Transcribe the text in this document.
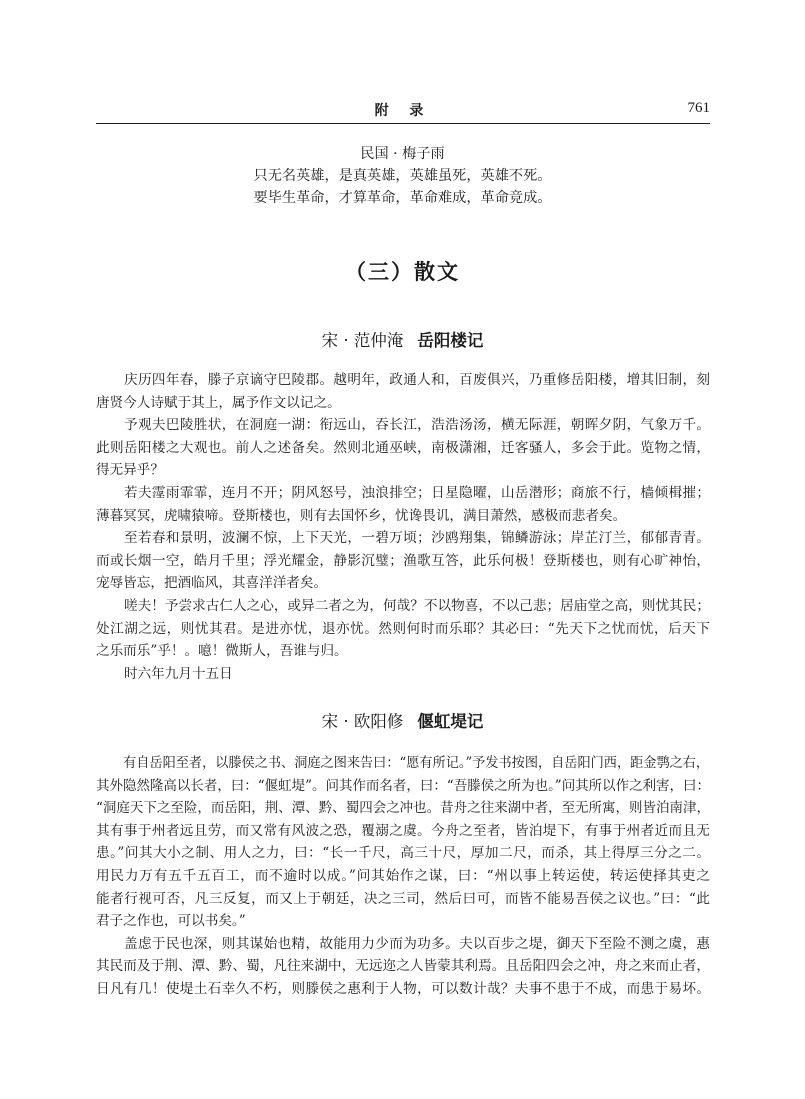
附 录	761
民国 · 梅子雨
只无名英雄，是真英雄，英雄虽死，英雄不死。
要毕生革命，才算革命，革命难成，革命竞成。
（三）散文
宋 · 范仲淹 岳阳楼记
庆历四年春，滕子京谪守巴陵郡。越明年，政通人和，百废俱兴，乃重修岳阳楼，增其旧制，刻
唐贤今人诗赋于其上，属予作文以记之。
予观夫巴陵胜状，在洞庭一湖：衔远山，吞长江，浩浩汤汤，横无际涯，朝晖夕阴，气象万千。
此则岳阳楼之大观也。前人之述备矣。然则北通巫峡，南极潇湘，迁客骚人，多会于此。览物之情，
得无异乎？
若夫霪雨霏霏，连月不开；阴风怒号，浊浪排空；日星隐曜，山岳潜形；商旅不行，樯倾楫摧；
薄暮冥冥，虎啸猿啼。登斯楼也，则有去国怀乡，忧谗畏讥，满目萧然，感极而悲者矣。
至若春和景明，波澜不惊，上下天光，一碧万顷；沙鸥翔集，锦鳞游泳；岸芷汀兰，郁郁青青。
而或长烟一空，皓月千里；浮光耀金，静影沉璧；渔歌互答，此乐何极！登斯楼也，则有心旷神怡，
宠辱皆忘，把酒临风，其喜洋洋者矣。
嗟夫！予尝求古仁人之心，或异二者之为，何哉？不以物喜，不以己悲；居庙堂之高，则忧其民；
处江湖之远，则忧其君。是进亦忧，退亦忧。然则何时而乐耶？其必曰：“先天下之忧而忧，后天下
之乐而乐”乎！。噫！微斯人，吾谁与归。
时六年九月十五日
宋 · 欧阳修 偃虹堤记
有自岳阳至者，以滕侯之书、洞庭之图来告曰：“愿有所记。”予发书按图，自岳阳门西，距金鹗之右，
其外隐然隆高以长者，曰：“偃虹堤”。问其作而名者，曰：“吾滕侯之所为也。”问其所以作之利害，曰：
“洞庭天下之至险，而岳阳，荆、潭、黔、蜀四会之冲也。昔舟之往来湖中者，至无所寓，则皆泊南津，
其有事于州者远且劳，而又常有风波之恐，覆溺之虞。今舟之至者，皆泊堤下，有事于州者近而且无
患。”问其大小之制、用人之力，曰：“长一千尺，高三十尺，厚加二尺，而杀，其上得厚三分之二。
用民力万有五千五百工，而不逾时以成。”问其始作之谋，曰：“州以事上转运使，转运使择其吏之
能者行视可否，凡三反复，而又上于朝廷，决之三司，然后曰可，而皆不能易吾侯之议也。”曰：“此
君子之作也，可以书矣。”
盖虑于民也深，则其谋始也精，故能用力少而为功多。夫以百步之堤，御天下至险不测之虞，惠
其民而及于荆、潭、黔、蜀，凡往来湖中，无远迩之人皆蒙其利焉。且岳阳四会之冲，舟之来而止者，
日凡有几！使堤土石幸久不朽，则滕侯之惠利于人物，可以数计哉？夫事不患于不成，而患于易坏。
